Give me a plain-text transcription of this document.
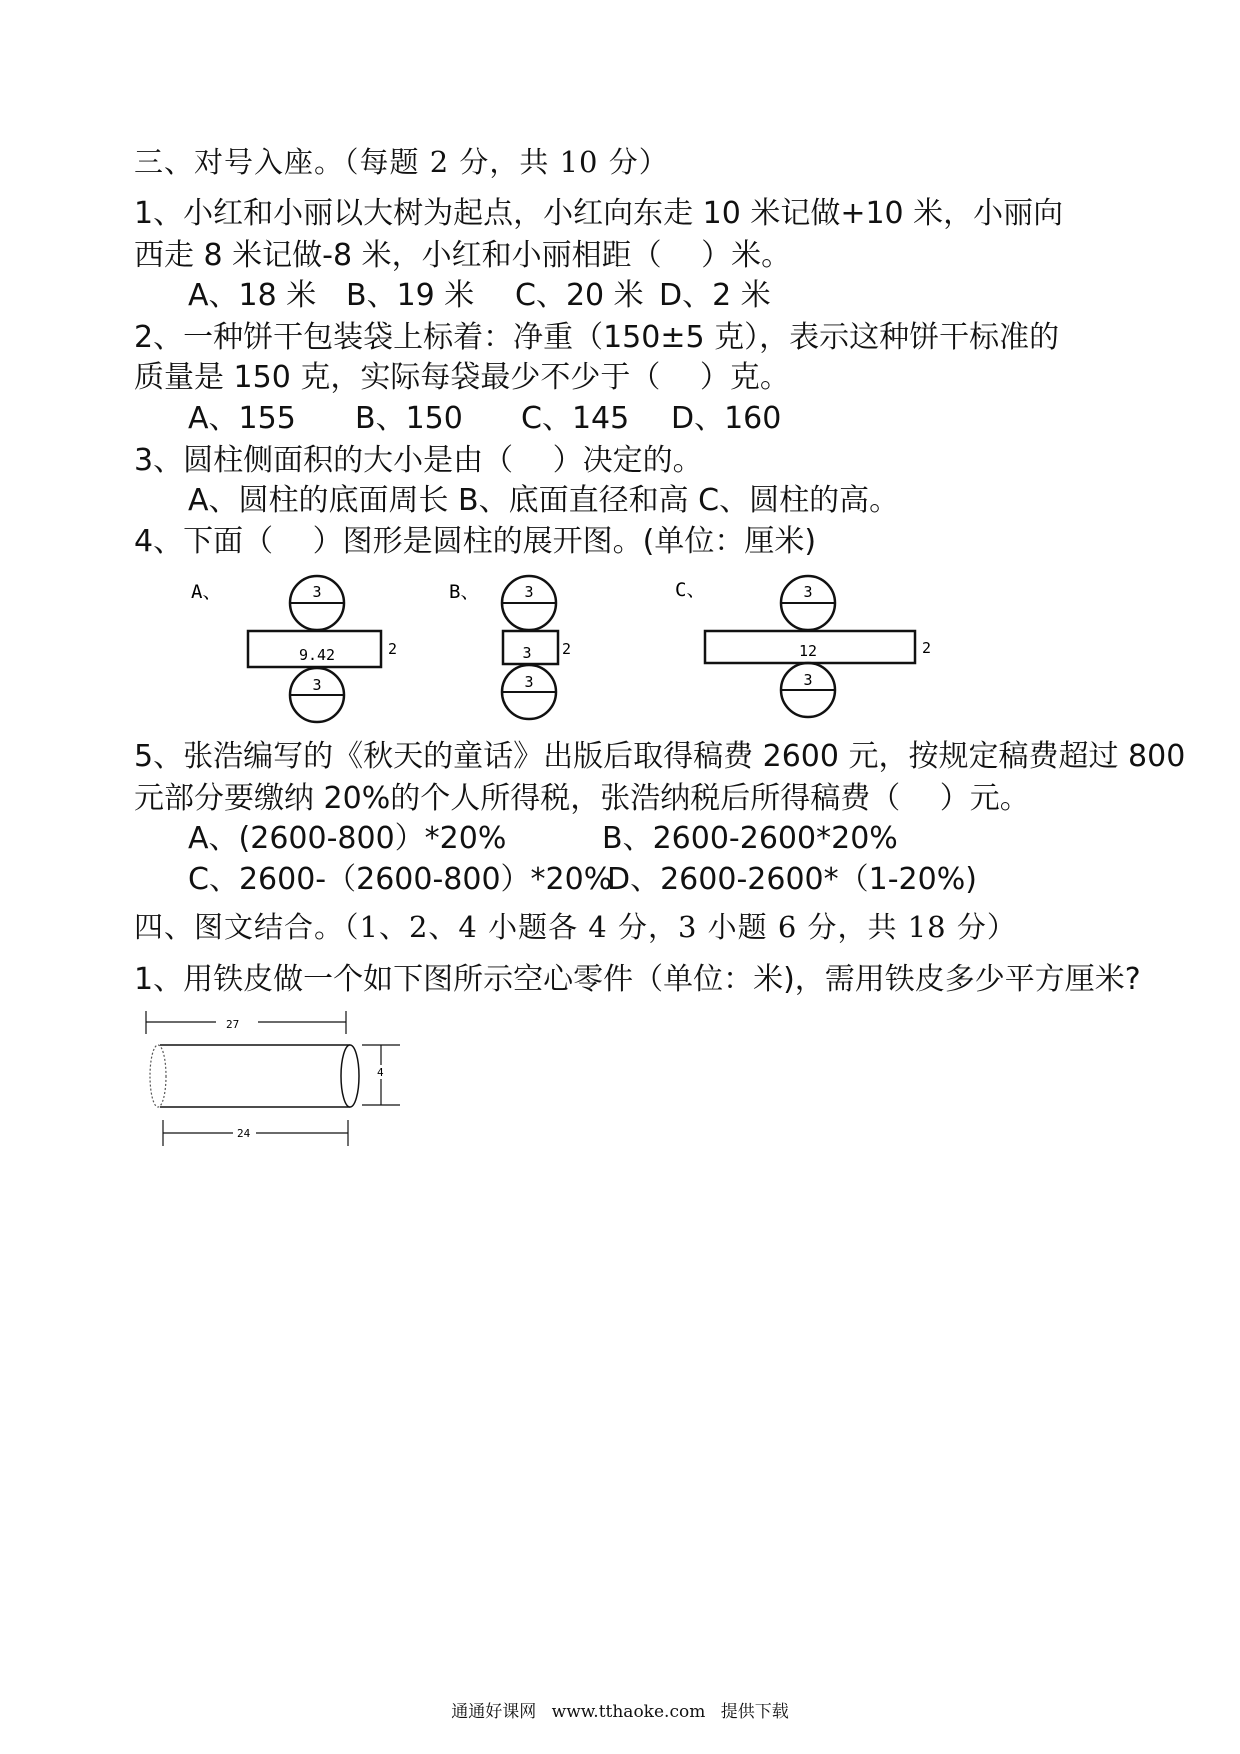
三、对号入座。（每题 2 分，共 10 分）
1、小红和小丽以大树为起点，小红向东走 10 米记做+10 米，小丽向
西走 8 米记做-8 米，小红和小丽相距（　 ）米。
A、18 米 B、19 米 C、20 米 D、2 米
2、一种饼干包装袋上标着：净重（150±5 克），表示这种饼干标准的
质量是 150 克，实际每袋最少不少于（　 ）克。
A、155 B、150 C、145 D、160
3、圆柱侧面积的大小是由（　 ）决定的。
A、圆柱的底面周长 B、底面直径和高 C、圆柱的高。
4、下面（　 ）图形是圆柱的展开图。(单位：厘米)
A、	3
9.42	2
3
B、	3
3 2
3
C、	3
12	2
3
5、张浩编写的《秋天的童话》出版后取得稿费 2600 元，按规定稿费超过 800
元部分要缴纳 20%的个人所得税，张浩纳税后所得稿费（　 ）元。
A、(2600-800）*20%	B、2600-2600*20%
C、2600-（2600-800）*20%
D、2600-2600*（1-20%)
四、图文结合。（1、2、4 小题各 4 分，3 小题 6 分，共 18 分）
1、用铁皮做一个如下图所示空心零件（单位：米)，需用铁皮多少平方厘米?
27
4
24
通通好课网 www.tthaoke.com 提供下载
